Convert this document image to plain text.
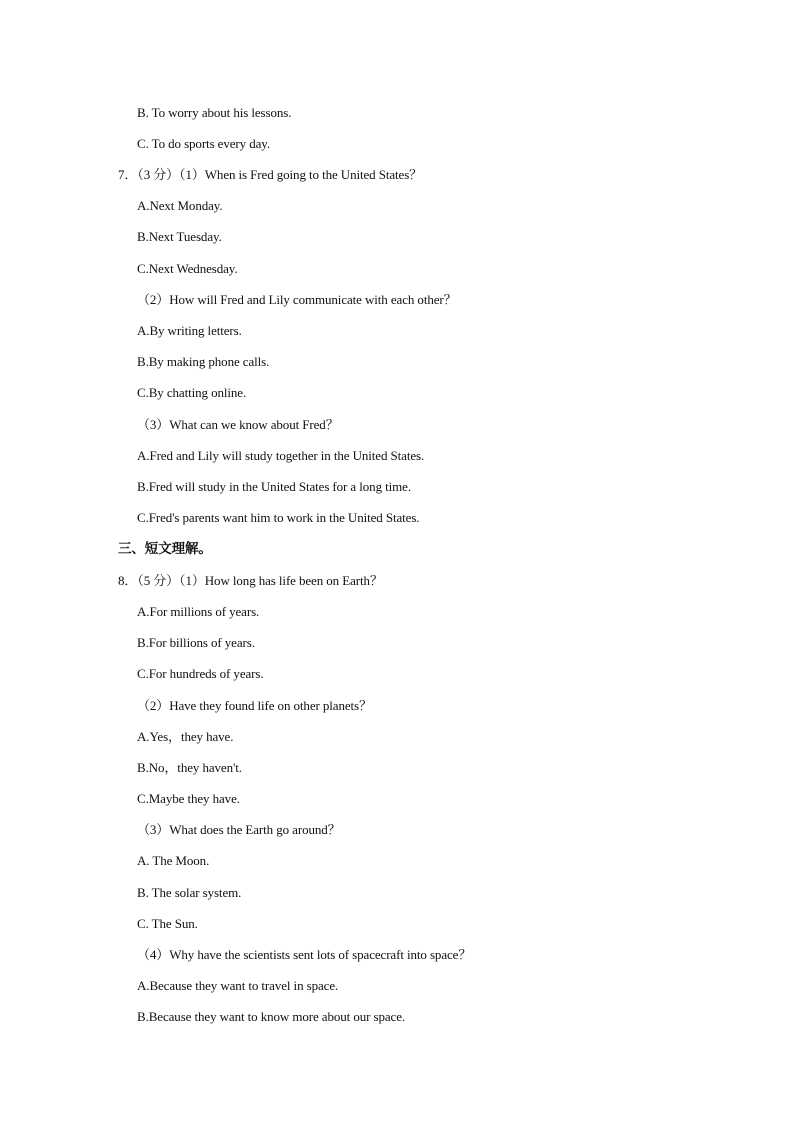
B. To worry about his lessons.
C. To do sports every day.
7．（3 分）（1）When is Fred going to the United States？
A.Next Monday.
B.Next Tuesday.
C.Next Wednesday.
（2）How will Fred and Lily communicate with each other？
A.By writing letters.
B.By making phone calls.
C.By chatting online.
（3）What can we know about Fred？
A.Fred and Lily will study together in the United States.
B.Fred will study in the United States for a long time.
C.Fred's parents want him to work in the United States.
三、短文理解。
8．（5 分）（1）How long has life been on Earth？
A.For millions of years.
B.For billions of years.
C.For hundreds of years.
（2）Have they found life on other planets？
A.Yes，they have.
B.No，they haven't.
C.Maybe they have.
（3）What does the Earth go around？
A. The Moon.
B. The solar system.
C. The Sun.
（4）Why have the scientists sent lots of spacecraft into space？
A.Because they want to travel in space.
B.Because they want to know more about our space.
